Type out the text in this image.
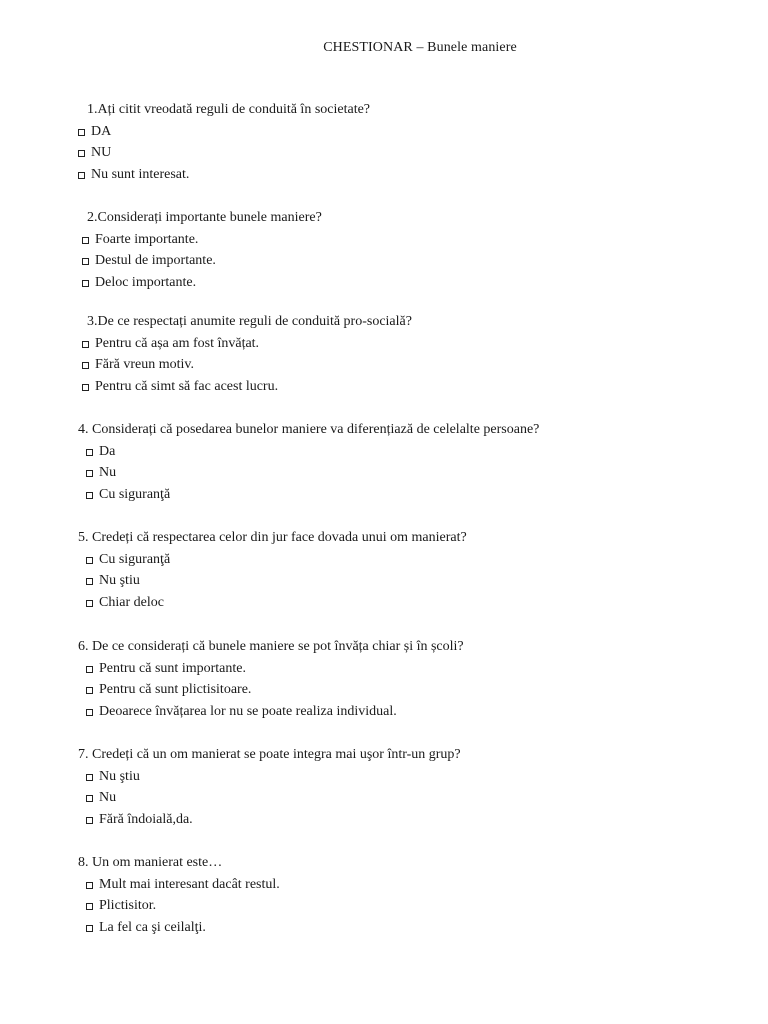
CHESTIONAR – Bunele maniere
1.Ați citit vreodată reguli de conduită în societate?
DA
NU
Nu sunt interesat.
2.Considerați importante bunele maniere?
Foarte importante.
Destul de importante.
Deloc importante.
3.De ce respectați anumite reguli de conduită pro-socială?
Pentru că așa am fost învățat.
Fără vreun motiv.
Pentru că simt să fac acest lucru.
4. Considerați că posedarea bunelor maniere va diferențiază de celelalte persoane?
Da
Nu
Cu siguranţă
5. Credeți că respectarea celor din jur face dovada unui om manierat?
Cu siguranţă
Nu ştiu
Chiar deloc
6. De ce considerați că bunele maniere se pot învăța chiar și în școli?
Pentru că sunt importante.
Pentru că sunt plictisitoare.
Deoarece învățarea lor nu se poate realiza individual.
7. Credeți că un om manierat se poate integra mai uşor într-un grup?
Nu ştiu
Nu
Fără îndoială,da.
8. Un om manierat este…
Mult mai interesant dacât restul.
Plictisitor.
La fel ca şi ceilalţi.
